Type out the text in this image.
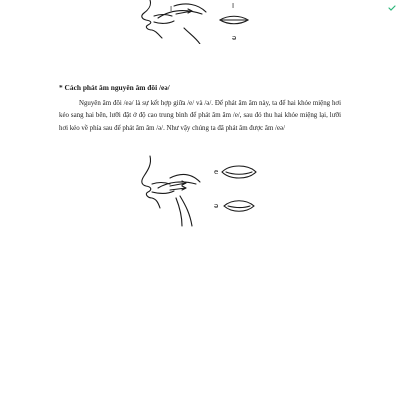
I	I
ə

* Cách phát âm nguyên âm đôi /eə/

Nguyên âm đôi /eə/ là sự kết hợp giữa /e/ và /ə/. Để phát âm âm này, ta để hai khóe miệng hơi kéo sang hai bên, lưỡi đặt ở độ cao trung bình để phát âm âm /e/, sau đó thu hai khóe miệng lại, lưỡi hơi kéo về phía sau để phát âm âm /ə/. Như vậy chúng ta đã phát âm được âm /eə/

e
ə
